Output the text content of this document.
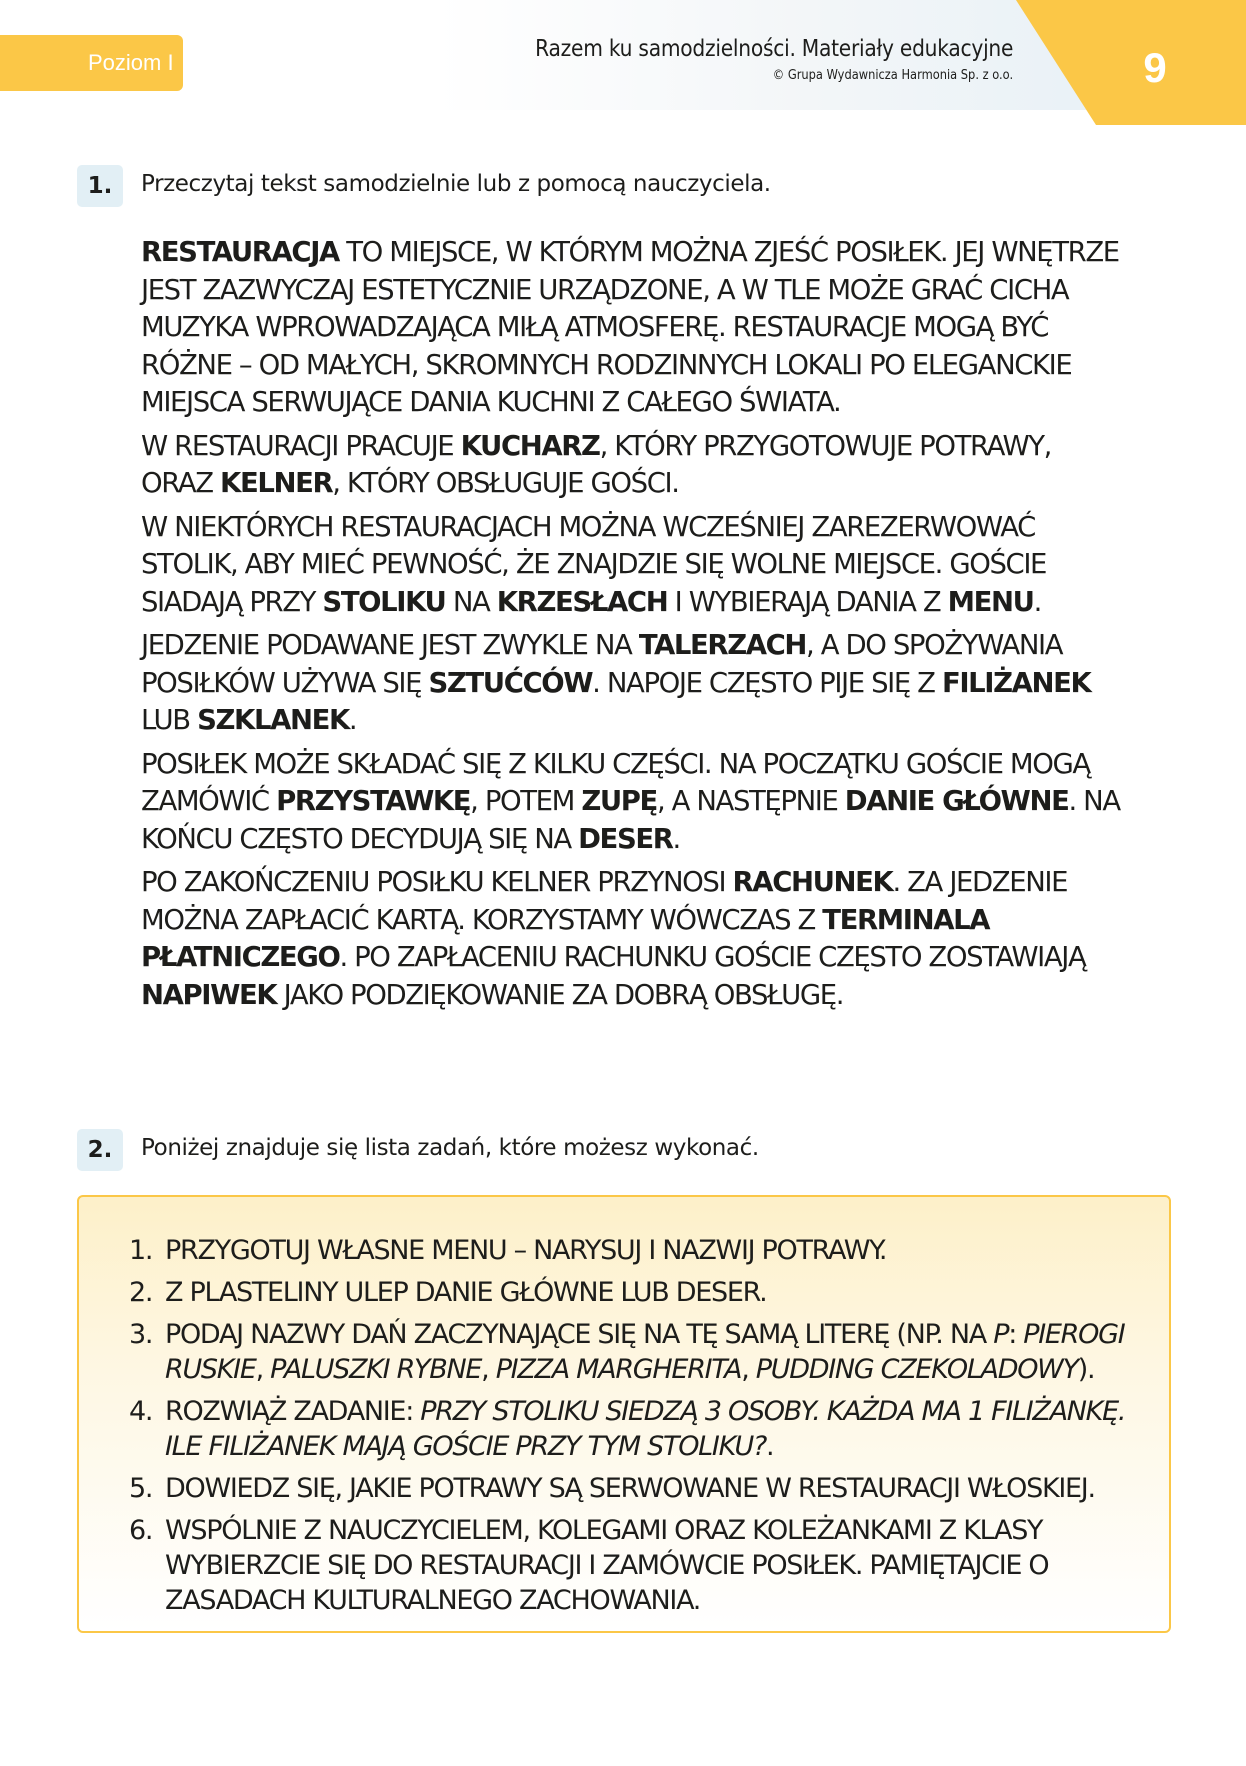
Poziom I
Razem ku samodzielności. Materiały edukacyjne
© Grupa Wydawnicza Harmonia Sp. z o.o.	9
1.	Przeczytaj tekst samodzielnie lub z pomocą nauczyciela.

RESTAURACJA TO MIEJSCE, W KTÓRYM MOŻNA ZJEŚĆ POSIŁEK. JEJ WNĘTRZE JEST ZAZWYCZAJ ESTETYCZNIE URZĄDZONE, A W TLE MOŻE GRAĆ CICHA MUZYKA WPROWADZAJĄCA MIŁĄ ATMOSFERĘ. RESTAURACJE MOGĄ BYĆ RÓŻNE – OD MAŁYCH, SKROMNYCH RODZINNYCH LOKALI PO ELEGANCKIE MIEJSCA SERWUJĄCE DANIA KUCHNI Z CAŁEGO ŚWIATA.

W RESTAURACJI PRACUJE KUCHARZ, KTÓRY PRZYGOTOWUJE POTRAWY, ORAZ KELNER, KTÓRY OBSŁUGUJE GOŚCI.

W NIEKTÓRYCH RESTAURACJACH MOŻNA WCZEŚNIEJ ZAREZERWOWAĆ STOLIK, ABY MIEĆ PEWNOŚĆ, ŻE ZNAJDZIE SIĘ WOLNE MIEJSCE. GOŚCIE SIADAJĄ PRZY STOLIKU NA KRZESŁACH I WYBIERAJĄ DANIA Z MENU.

JEDZENIE PODAWANE JEST ZWYKLE NA TALERZACH, A DO SPOŻYWANIA POSIŁKÓW UŻYWA SIĘ SZTUĆCÓW. NAPOJE CZĘSTO PIJE SIĘ Z FILIŻANEK LUB SZKLANEK.

POSIŁEK MOŻE SKŁADAĆ SIĘ Z KILKU CZĘŚCI. NA POCZĄTKU GOŚCIE MOGĄ ZAMÓWIĆ PRZYSTAWKĘ, POTEM ZUPĘ, A NASTĘPNIE DANIE GŁÓWNE. NA KOŃCU CZĘSTO DECYDUJĄ SIĘ NA DESER.

PO ZAKOŃCZENIU POSIŁKU KELNER PRZYNOSI RACHUNEK. ZA JEDZENIE MOŻNA ZAPŁACIĆ KARTĄ. KORZYSTAMY WÓWCZAS Z TERMINALA PŁATNICZEGO. PO ZAPŁACENIU RACHUNKU GOŚCIE CZĘSTO ZOSTAWIAJĄ NAPIWEK JAKO PODZIĘKOWANIE ZA DOBRĄ OBSŁUGĘ.

2.	Poniżej znajduje się lista zadań, które możesz wykonać.
1. PRZYGOTUJ WŁASNE MENU – NARYSUJ I NAZWIJ POTRAWY.
2. Z PLASTELINY ULEP DANIE GŁÓWNE LUB DESER.
3. PODAJ NAZWY DAŃ ZACZYNAJĄCE SIĘ NA TĘ SAMĄ LITERĘ (NP. NA P: PIEROGI RUSKIE, PALUSZKI RYBNE, PIZZA MARGHERITA, PUDDING CZEKOLADOWY).
4. ROZWIĄŻ ZADANIE: PRZY STOLIKU SIEDZĄ 3 OSOBY. KAŻDA MA 1 FILIŻANKĘ. ILE FILIŻANEK MAJĄ GOŚCIE PRZY TYM STOLIKU?.
5. DOWIEDZ SIĘ, JAKIE POTRAWY SĄ SERWOWANE W RESTAURACJI WŁOSKIEJ.
6. WSPÓLNIE Z NAUCZYCIELEM, KOLEGAMI ORAZ KOLEŻANKAMI Z KLASY WYBIERZCIE SIĘ DO RESTAURACJI I ZAMÓWCIE POSIŁEK. PAMIĘTAJCIE O ZASADACH KULTURALNEGO ZACHOWANIA.
